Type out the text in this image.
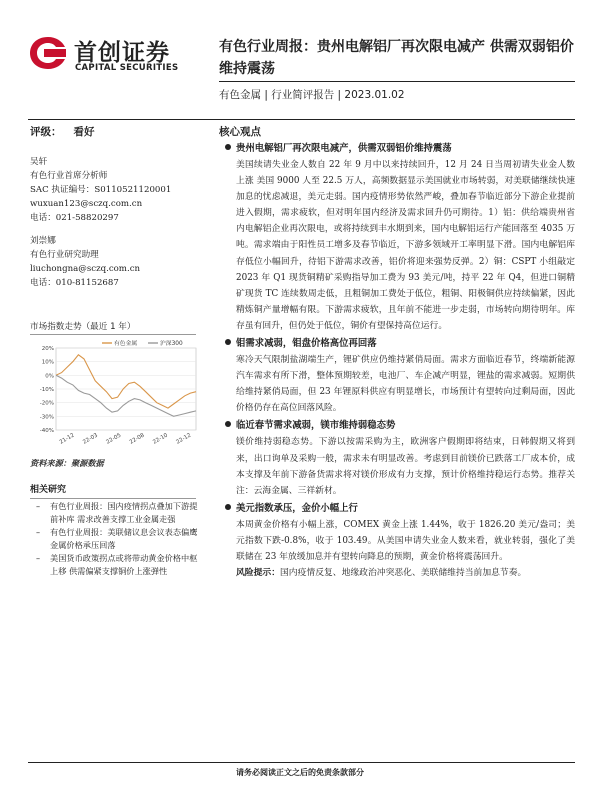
首创证券
CAPITAL SECURITIES
有色行业周报：贵州电解铝厂再次限电减产 供需双弱铝价维持震荡
有色金属 | 行业简评报告 | 2023.01.02
评级： 看好	核心观点
吴轩
有色行业首席分析师
SAC 执证编号：S0110521120001
wuxuan123@sczq.com.cn
电话：021-58820297
刘崇娜
有色行业研究助理
liuchongna@sczq.com.cn
电话：010-81152687
市场指数走势（最近 1 年）
20%
10%
0%
-10%
-20%
-30%
-40%
21-12 22-03 22-05 22-08 22-10 22-12
有色金属	沪深300
资料来源：聚源数据
相关研究
– 有色行业周报：国内疫情拐点叠加下游提前补库 需求改善支撑工业金属走强
– 有色行业周报：美联储议息会议表态偏鹰 金属价格承压回落
– 美国货币政策拐点或将带动黄金价格中枢上移 供需偏紧支撑铜价上涨弹性
贵州电解铝厂再次限电减产，供需双弱铝价维持震荡

美国续请失业金人数自 22 年 9 月中以来持续回升，12 月 24 日当周初请失业金人数上涨 美国 9000 人至 22.5 万人，高频数据显示美国就业市场转弱，对美联储继续快速加息的忧虑减退，美元走弱。国内疫情形势依然严峻，叠加春节临近部分下游企业提前进入假期，需求疲软，但对明年国内经济及需求回升仍可期待。1）铝：供给端贵州省内电解铝企业再次限电，或将持续到丰水期到来，国内电解铝运行产能回落至 4035 万吨。需求端由于阳性员工增多及春节临近，下游多领域开工率明显下滑。国内电解铝库存低位小幅回升，待铝下游需求改善，铝价将迎来强势反弹。2）铜：CSPT 小组敲定 2023 年 Q1 现货铜精矿采购指导加工费为 93 美元/吨，持平 22 年 Q4，但进口铜精矿现货 TC 连续数周走低，且粗铜加工费处于低位，粗铜、阳极铜供应持续偏紧，因此精炼铜产量增幅有限。下游需求疲软，且年前不能进一步走弱，市场转向期待明年。库存虽有回升，但仍处于低位，铜价有望保持高位运行。

钼需求减弱，钼盘价格高位再回落

寒冷天气限制盐湖端生产，锂矿供应仍维持紧俏局面。需求方面临近春节，终端新能源汽车需求有所下滑，整体预期较差，电池厂、车企减产明显，锂盐的需求减弱。短期供给维持紧俏局面，但 23 年锂原料供应有明显增长，市场预计有望转向过剩局面，因此价格仍存在高位回落风险。

临近春节需求减弱，镁市维持弱稳态势

镁价维持弱稳态势。下游以按需采购为主，欧洲客户假期即将结束，日韩假期又将到来，出口询单及采购一般，需求未有明显改善。考虑到目前镁价已跌落工厂成本价，成本支撑及年前下游备货需求将对镁价形成有力支撑，预计价格维持稳运行态势。推荐关注：云海金属、三祥新材。

美元指数承压，金价小幅上行

本周黄金价格有小幅上涨，COMEX 黄金上涨 1.44%，收于 1826.20 美元/盎司；美元指数下跌-0.8%，收于 103.49。从美国申请失业金人数来看，就业转弱，强化了美联储在 23 年放缓加息并有望转向降息的预期，黄金价格将震荡回升。

风险提示：国内疫情反复、地缘政治冲突恶化、美联储维持当前加息节奏。

请务必阅读正文之后的免责条款部分
